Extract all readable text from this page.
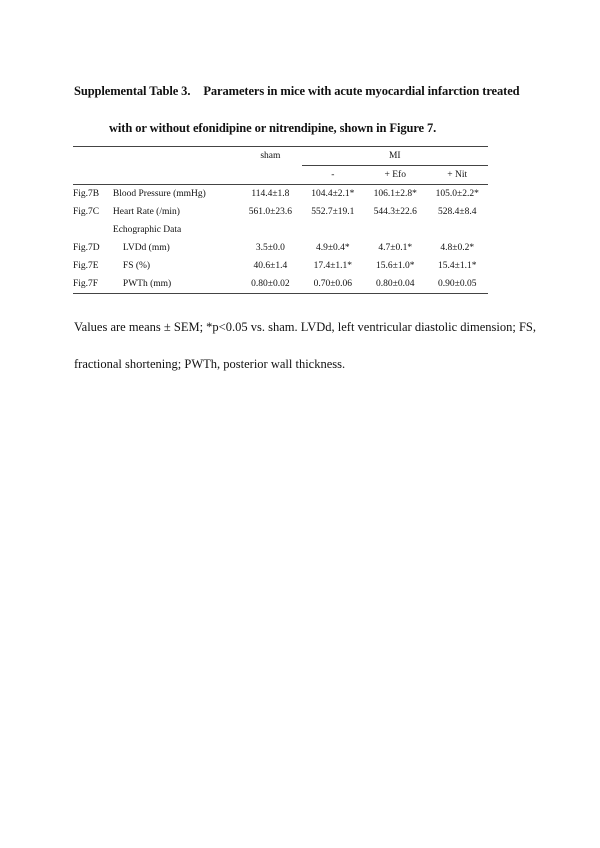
Supplemental Table 3. Parameters in mice with acute myocardial infarction treated
with or without efonidipine or nitrendipine, shown in Figure 7.
		sham	MI		
			-	+ Efo	+ Nit
Fig.7B	Blood Pressure (mmHg)	114.4±1.8	104.4±2.1*	106.1±2.8*	105.0±2.2*
Fig.7C	Heart Rate (/min)	561.0±23.6	552.7±19.1	544.3±22.6	528.4±8.4
	Echographic Data				
Fig.7D	LVDd (mm)	3.5±0.0	4.9±0.4*	4.7±0.1*	4.8±0.2*
Fig.7E	FS (%)	40.6±1.4	17.4±1.1*	15.6±1.0*	15.4±1.1*
Fig.7F	PWTh (mm)	0.80±0.02	0.70±0.06	0.80±0.04	0.90±0.05
Values are means ± SEM; *p<0.05 vs. sham. LVDd, left ventricular diastolic dimension; FS,
fractional shortening; PWTh, posterior wall thickness.
